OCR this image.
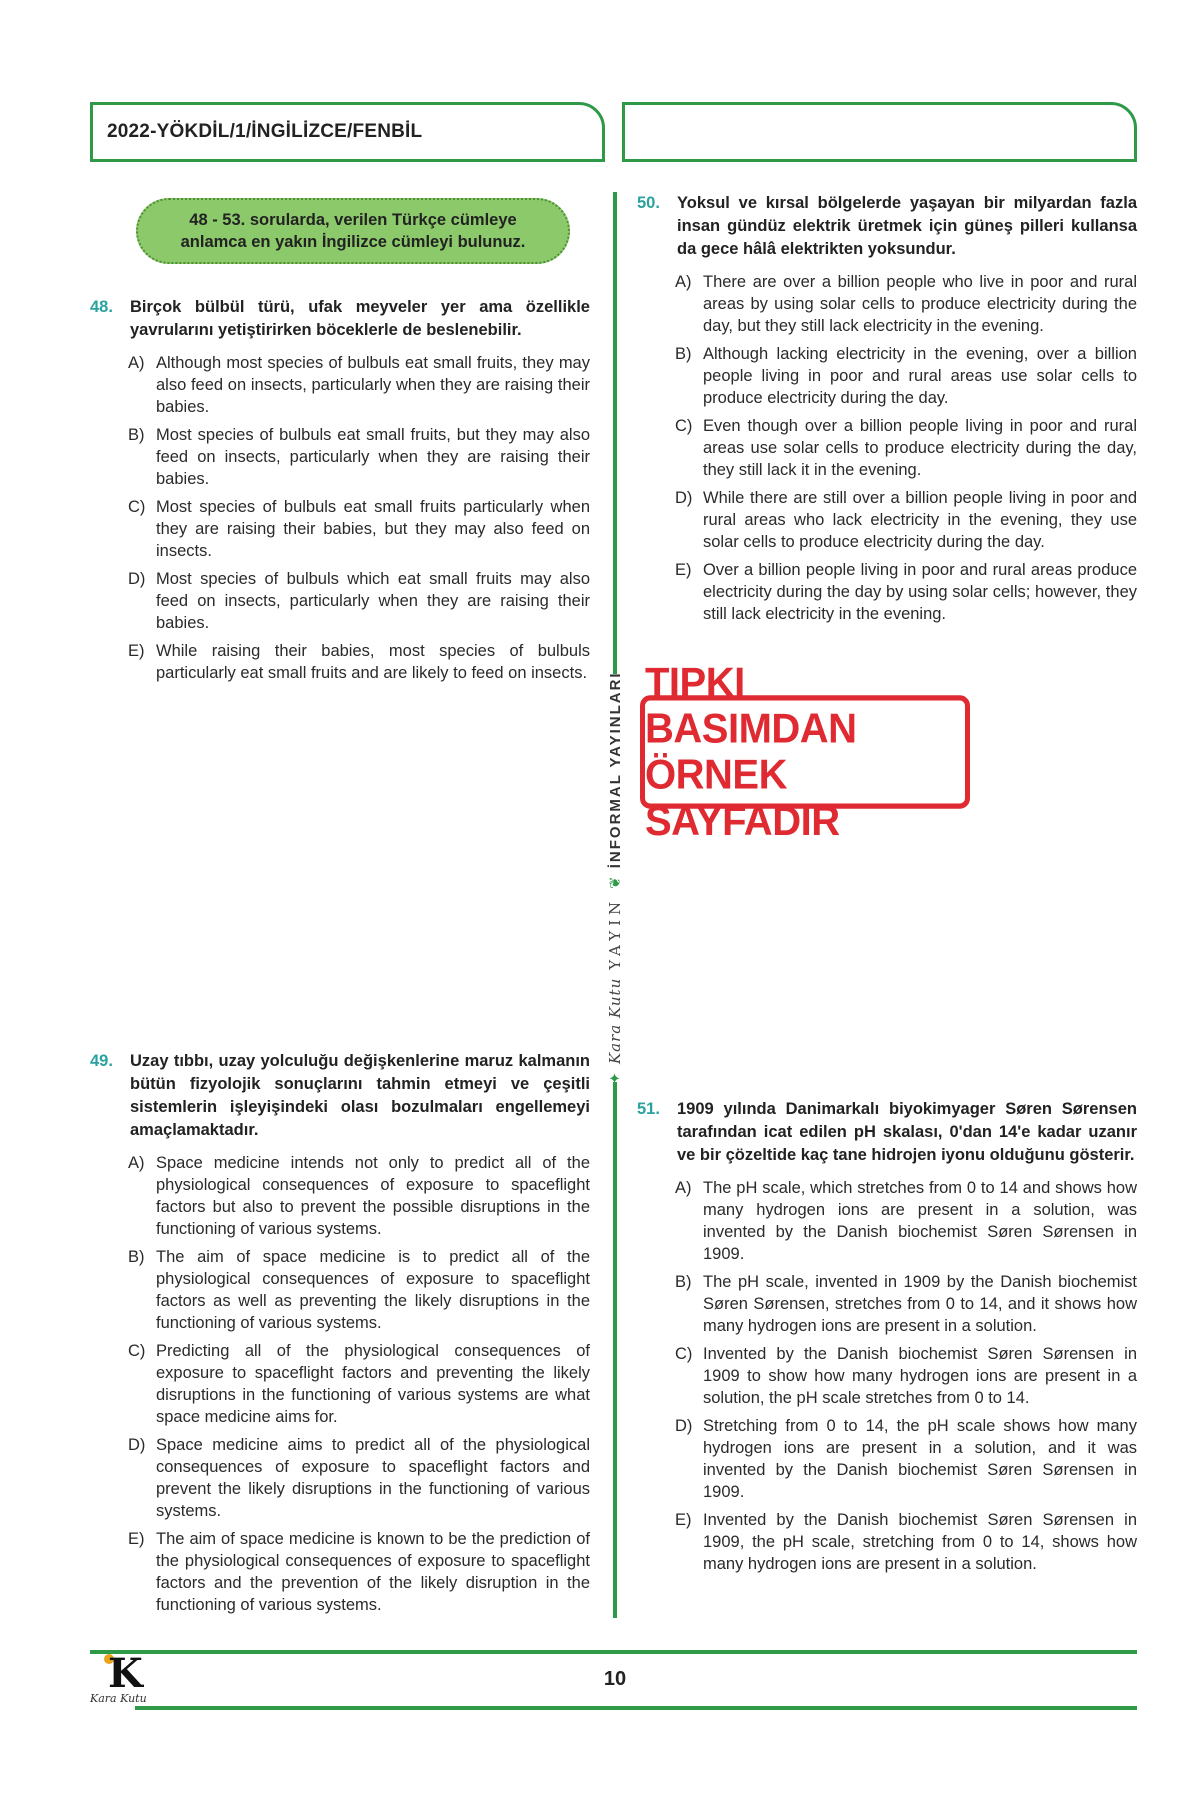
2022-YÖKDİL/1/İNGİLİZCE/FENBİL
48 - 53. sorularda, verilen Türkçe cümleye anlamca en yakın İngilizce cümleyi bulunuz.
✦
Kara Kutu
YAYIN
❦
İNFORMAL YAYINLARI
48.	Birçok bülbül türü, ufak meyveler yer ama özellikle yavrularını yetiştirirken böceklerle de beslenebilir.
A) Although most species of bulbuls eat small fruits, they may also feed on insects, particularly when they are raising their babies.
B) Most species of bulbuls eat small fruits, but they may also feed on insects, particularly when they are raising their babies.
C) Most species of bulbuls eat small fruits particularly when they are raising their babies, but they may also feed on insects.
D) Most species of bulbuls which eat small fruits may also feed on insects, particularly when they are raising their babies.
E) While raising their babies, most species of bulbuls particularly eat small fruits and are likely to feed on insects.
49.	Uzay tıbbı, uzay yolculuğu değişkenlerine maruz kalmanın bütün fizyolojik sonuçlarını tahmin etmeyi ve çeşitli sistemlerin işleyişindeki olası bozulmaları engellemeyi amaçlamaktadır.
A) Space medicine intends not only to predict all of the physiological consequences of exposure to spaceflight factors but also to prevent the possible disruptions in the functioning of various systems.
B) The aim of space medicine is to predict all of the physiological consequences of exposure to spaceflight factors as well as preventing the likely disruptions in the functioning of various systems.
C) Predicting all of the physiological consequences of exposure to spaceflight factors and preventing the likely disruptions in the functioning of various systems are what space medicine aims for.
D) Space medicine aims to predict all of the physiological consequences of exposure to spaceflight factors and prevent the likely disruptions in the functioning of various systems.
E) The aim of space medicine is known to be the prediction of the physiological consequences of exposure to spaceflight factors and the prevention of the likely disruption in the functioning of various systems.
50.	Yoksul ve kırsal bölgelerde yaşayan bir milyardan fazla insan gündüz elektrik üretmek için güneş pilleri kullansa da gece hâlâ elektrikten yoksundur.
A) There are over a billion people who live in poor and rural areas by using solar cells to produce electricity during the day, but they still lack electricity in the evening.
B) Although lacking electricity in the evening, over a billion people living in poor and rural areas use solar cells to produce electricity during the day.
C) Even though over a billion people living in poor and rural areas use solar cells to produce electricity during the day, they still lack it in the evening.
D) While there are still over a billion people living in poor and rural areas who lack electricity in the evening, they use solar cells to produce electricity during the day.
E) Over a billion people living in poor and rural areas produce electricity during the day by using solar cells; however, they still lack electricity in the evening.
TIPKI BASIMDAN
ÖRNEK SAYFADIR
51.	1909 yılında Danimarkalı biyokimyager Søren Sørensen tarafından icat edilen pH skalası, 0'dan 14'e kadar uzanır ve bir çözeltide kaç tane hidrojen iyonu olduğunu gösterir.
A) The pH scale, which stretches from 0 to 14 and shows how many hydrogen ions are present in a solution, was invented by the Danish biochemist Søren Sørensen in 1909.
B) The pH scale, invented in 1909 by the Danish biochemist Søren Sørensen, stretches from 0 to 14, and it shows how many hydrogen ions are present in a solution.
C) Invented by the Danish biochemist Søren Sørensen in 1909 to show how many hydrogen ions are present in a solution, the pH scale stretches from 0 to 14.
D) Stretching from 0 to 14, the pH scale shows how many hydrogen ions are present in a solution, and it was invented by the Danish biochemist Søren Sørensen in 1909.
E) Invented by the Danish biochemist Søren Sørensen in 1909, the pH scale, stretching from 0 to 14, shows how many hydrogen ions are present in a solution.
K
Kara Kutu
10
